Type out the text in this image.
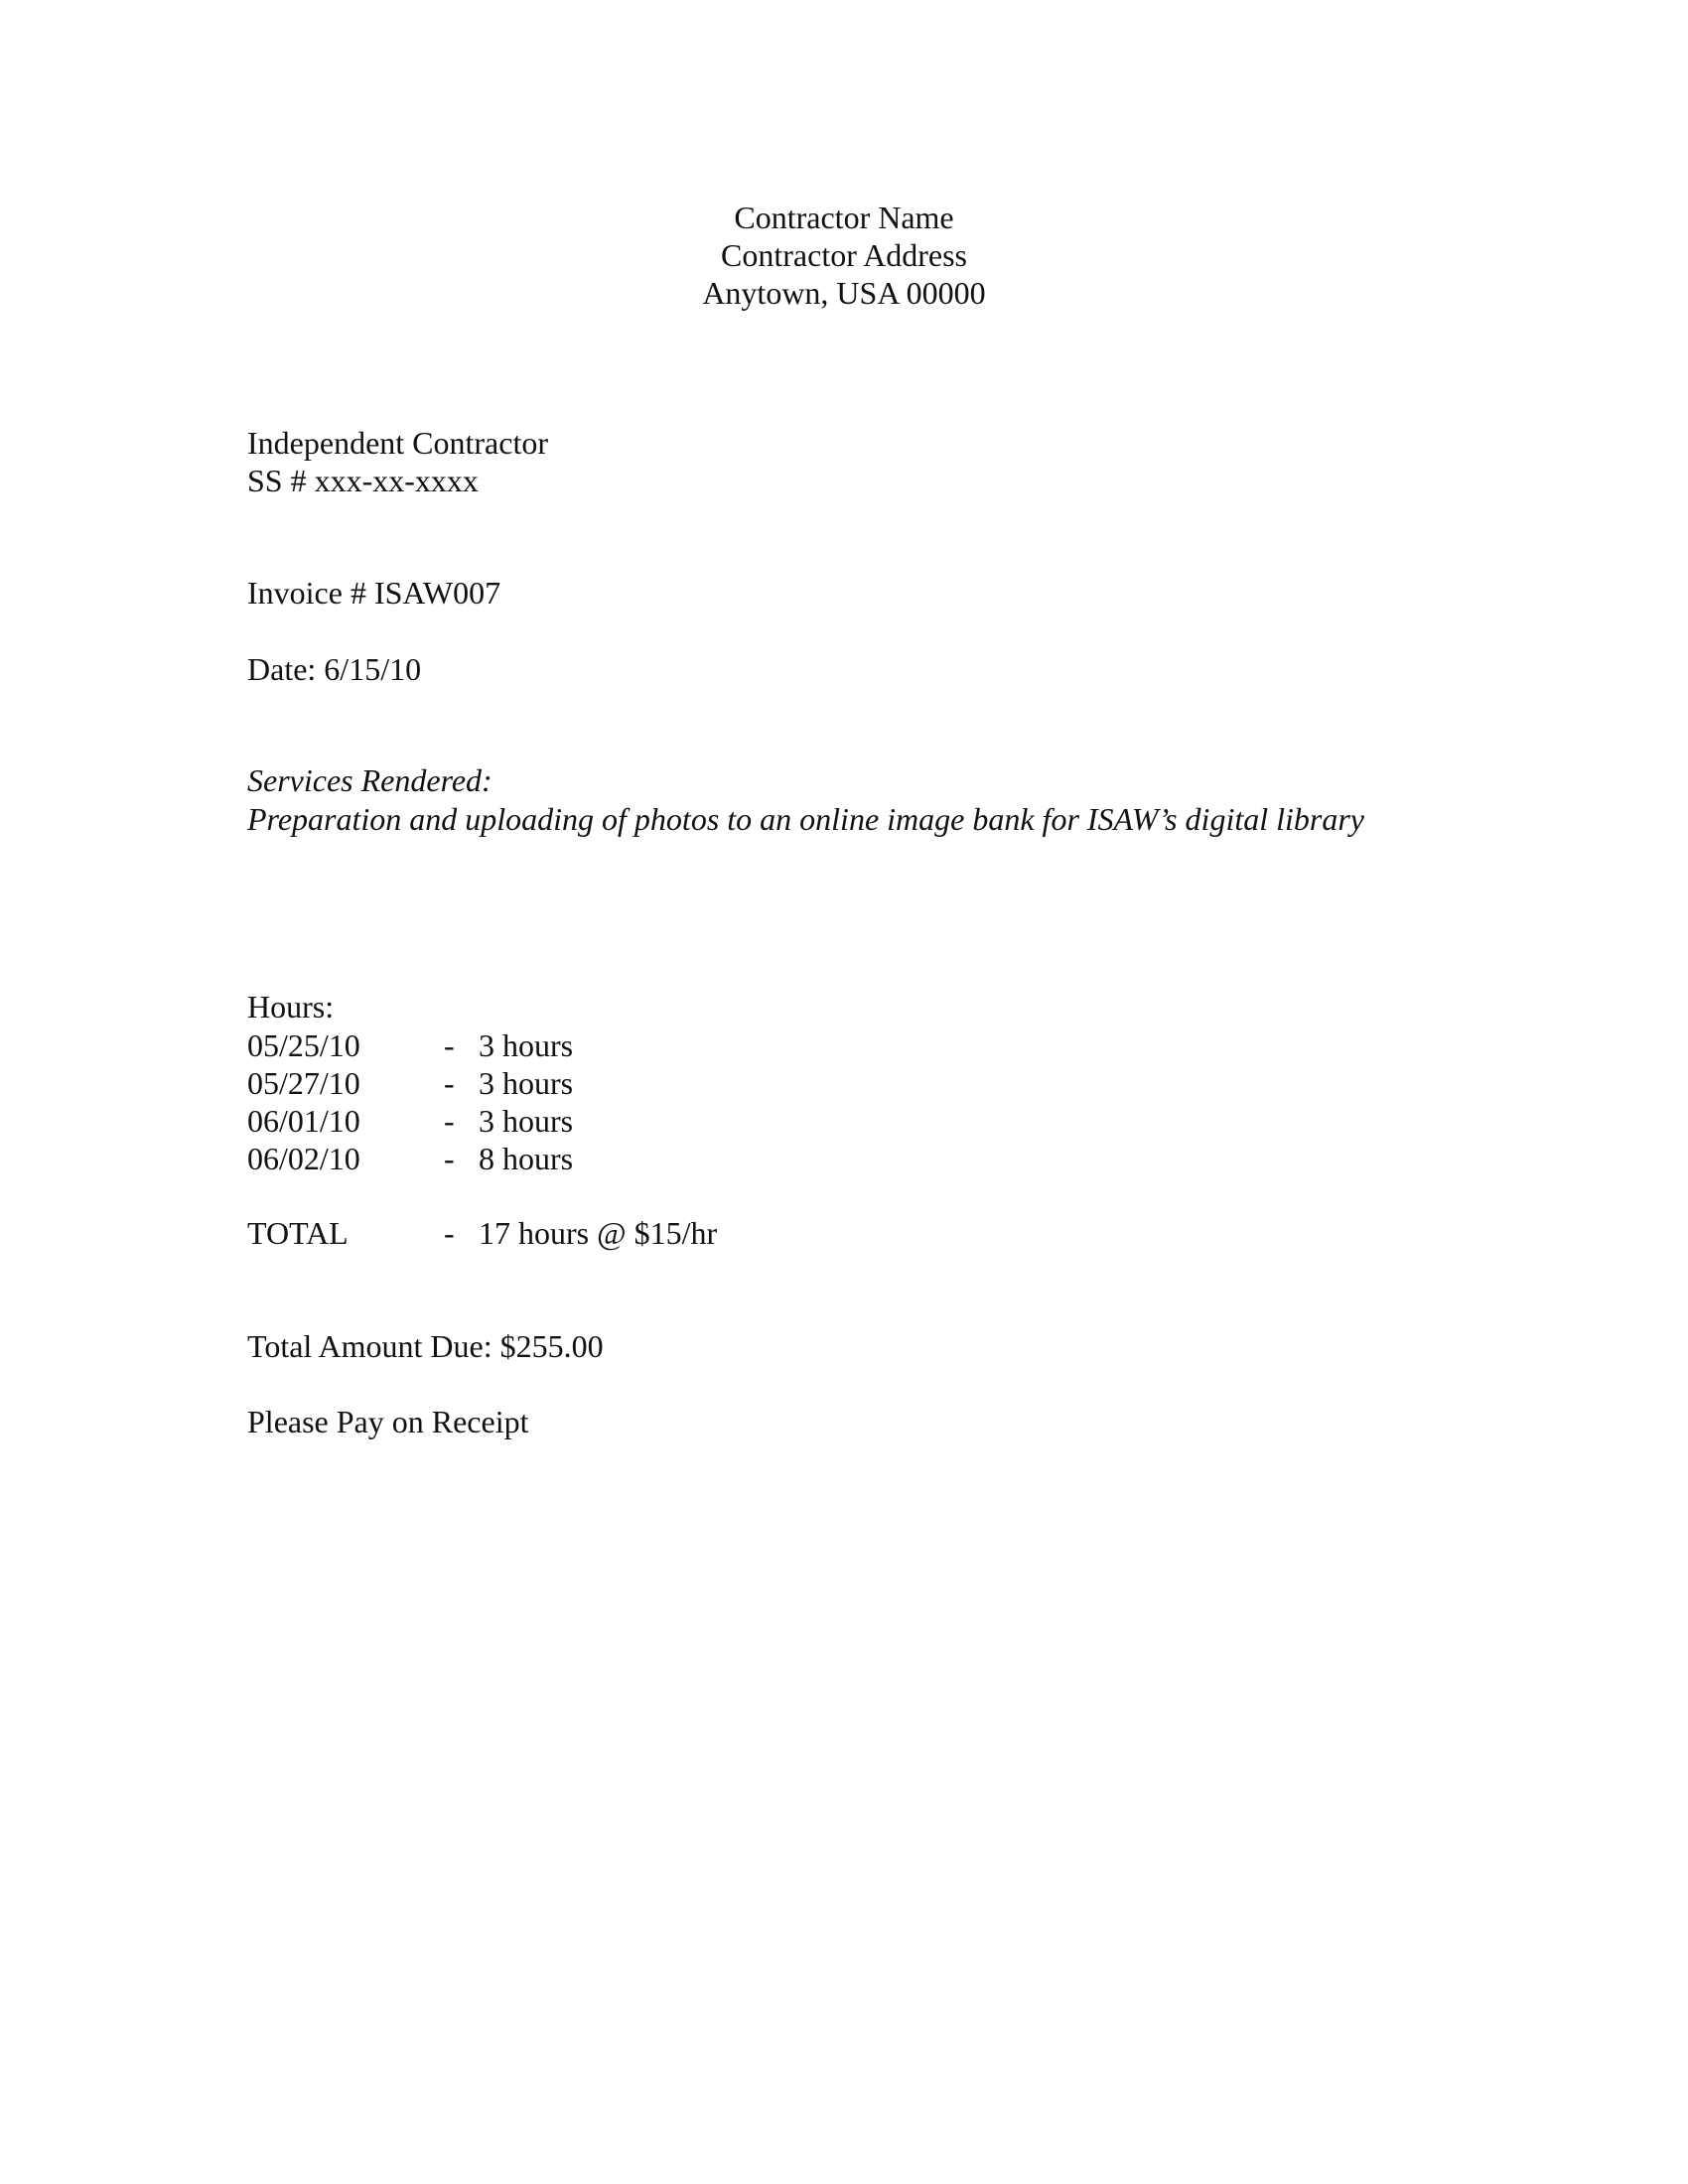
Contractor Name
Contractor Address
Anytown, USA 00000
Independent Contractor
SS # xxx-xx-xxxx
Invoice # ISAW007
Date: 6/15/10
Services Rendered:
Preparation and uploading of photos to an online image bank for ISAW’s digital library
Hours:
05/25/10	- 3 hours
05/27/10	- 3 hours
06/01/10	- 3 hours
06/02/10	- 8 hours
TOTAL	- 17 hours @ $15/hr
Total Amount Due: $255.00
Please Pay on Receipt
